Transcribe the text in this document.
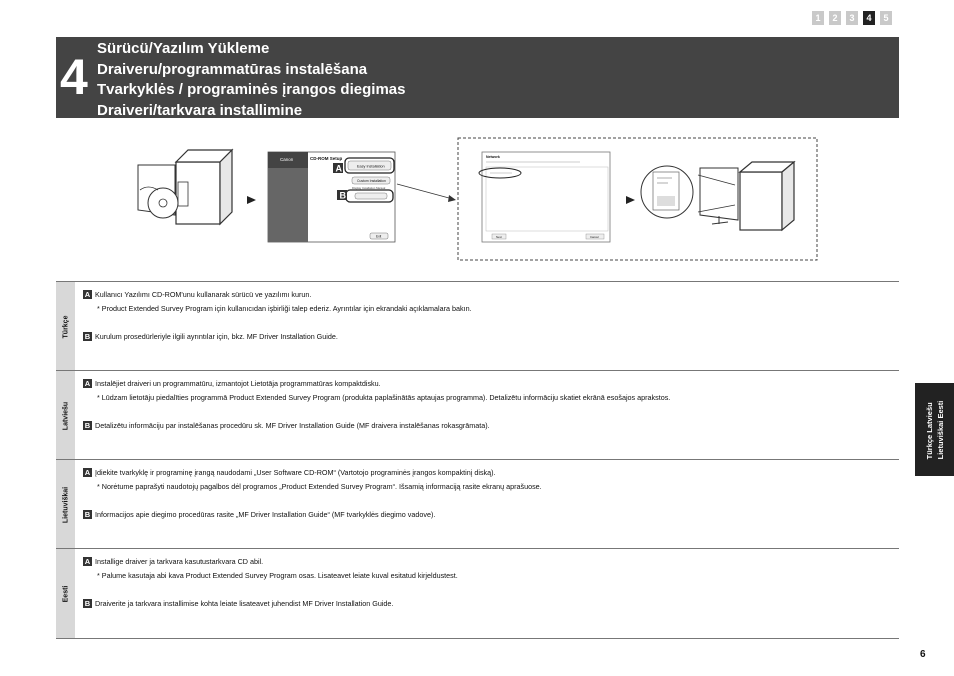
1	2	3	4	5
4
Sürücü/Yazılım Yükleme
Draiveru/programmatūras instalēšana
Tvarkyklės / programinės įrangos diegimas
Draiveri/tarkvara installimine
Canon	CD-ROM Setup
Easy Installation
Custom Installation
Display Installation Manual
Exit
A
B
Network
Next	Cancel
Türkçe
A Kullanıcı Yazılımı CD-ROM'unu kullanarak sürücü ve yazılımı kurun.
* Product Extended Survey Program için kullanıcıdan işbirliği talep ederiz. Ayrıntılar için ekrandaki açıklamalara bakın.
B Kurulum prosedürleriyle ilgili ayrıntılar için, bkz. MF Driver Installation Guide.
Latviešu
A Instalējiet draiveri un programmatūru, izmantojot Lietotāja programmatūras kompaktdisku.
* Lūdzam lietotāju piedalīties programmā Product Extended Survey Program (produkta paplašinātās aptaujas programma). Detalizētu informāciju skatiet ekrānā esošajos aprakstos.
B Detalizētu informāciju par instalēšanas procedūru sk. MF Driver Installation Guide (MF draivera instalēšanas rokasgrāmata).
Lietuviškai
A Įdiekite tvarkyklę ir programinę įrangą naudodami „User Software CD-ROM“ (Vartotojo programinės įrangos kompaktinį diską).
* Norėtume paprašyti naudotojų pagalbos dėl programos „Product Extended Survey Program“. Išsamią informaciją rasite ekranų aprašuose.
B Informacijos apie diegimo procedūras rasite „MF Driver Installation Guide“ (MF tvarkyklės diegimo vadove).
Eesti
A Installige draiver ja tarkvara kasutustarkvara CD abil.
* Palume kasutaja abi kava Product Extended Survey Program osas. Lisateavet leiate kuval esitatud kirjeldustest.
B Draiverite ja tarkvara installimise kohta leiate lisateavet juhendist MF Driver Installation Guide.
Türkçe Latviešu Lietuviškai Eesti
6
